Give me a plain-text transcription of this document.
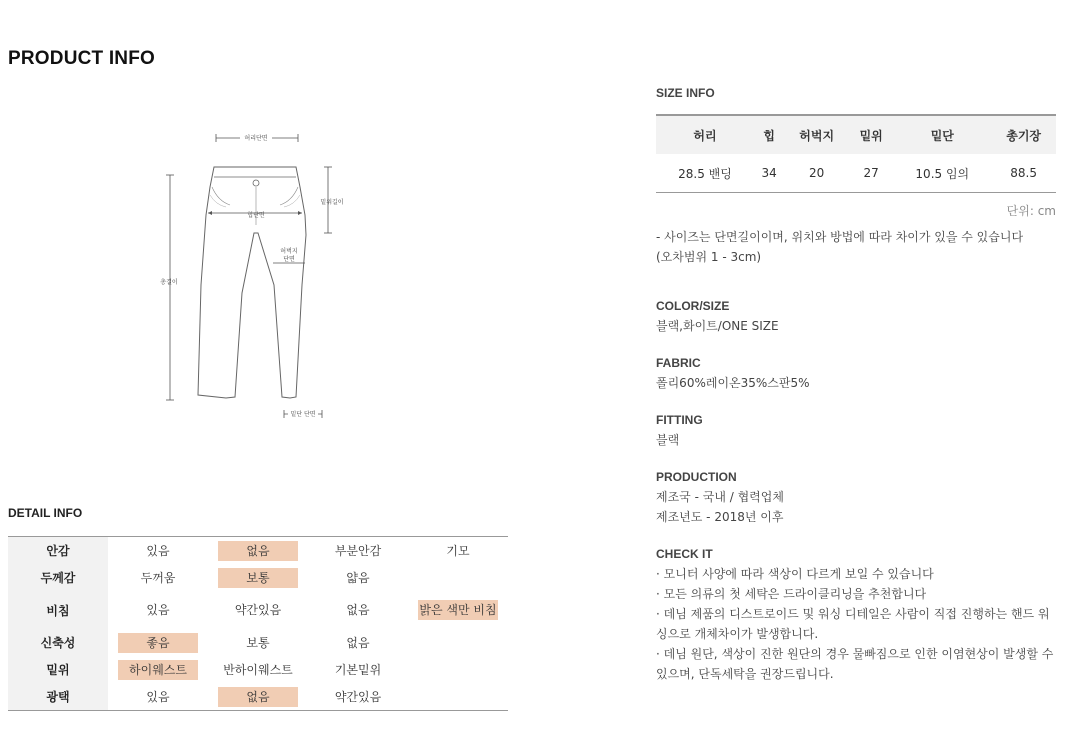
PRODUCT INFO
허리단면
힙단면
허벅지
단면
밑위길이
총길이
밑단 단면
DETAIL INFO
안감	있음	없음	부분안감	기모
두께감	두꺼움	보통	얇음	
비침	있음	약간있음	없음	밝은 색만 비침
신축성	좋음	보통	없음	
밑위	하이웨스트	반하이웨스트	기본밑위	
광택	있음	없음	약간있음	
SIZE INFO
허리	힙	허벅지	밑위	밑단	총기장
28.5 밴딩	34	20	27	10.5 임의	88.5
단위: cm
- 사이즈는 단면길이이며, 위치와 방법에 따라 차이가 있을 수 있습니다
(오차범위 1 - 3cm)
COLOR/SIZE
블랙,화이트/ONE SIZE
FABRIC
폴리60%레이온35%스판5%
FITTING
블랙
PRODUCTION
제조국 - 국내 / 협력업체
제조년도 - 2018년 이후
CHECK IT
· 모니터 사양에 따라 색상이 다르게 보일 수 있습니다
· 모든 의류의 첫 세탁은 드라이클리닝을 추천합니다
· 데님 제품의 디스트로이드 및 워싱 디테일은 사람이 직접 진행하는 핸드 워싱으로 개체차이가 발생합니다.
· 데님 원단, 색상이 진한 원단의 경우 물빠짐으로 인한 이염현상이 발생할 수 있으며, 단독세탁을 권장드립니다.
